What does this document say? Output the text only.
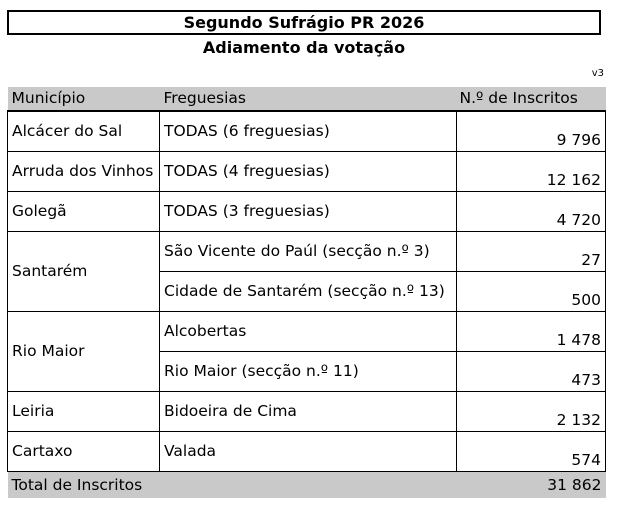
Segundo Sufrágio PR 2026
Adiamento da votação
v3
Município	Freguesias	N.º de Inscritos
Alcácer do Sal	TODAS (6 freguesias)	9 796
Arruda dos Vinhos	TODAS (4 freguesias)	12 162
Golegã	TODAS (3 freguesias)	4 720
Santarém	São Vicente do Paúl (secção n.º 3)	27
	Cidade de Santarém (secção n.º 13)	500
Rio Maior	Alcobertas	1 478
	Rio Maior (secção n.º 11)	473
Leiria	Bidoeira de Cima	2 132
Cartaxo	Valada	574
Total de Inscritos		31 862
